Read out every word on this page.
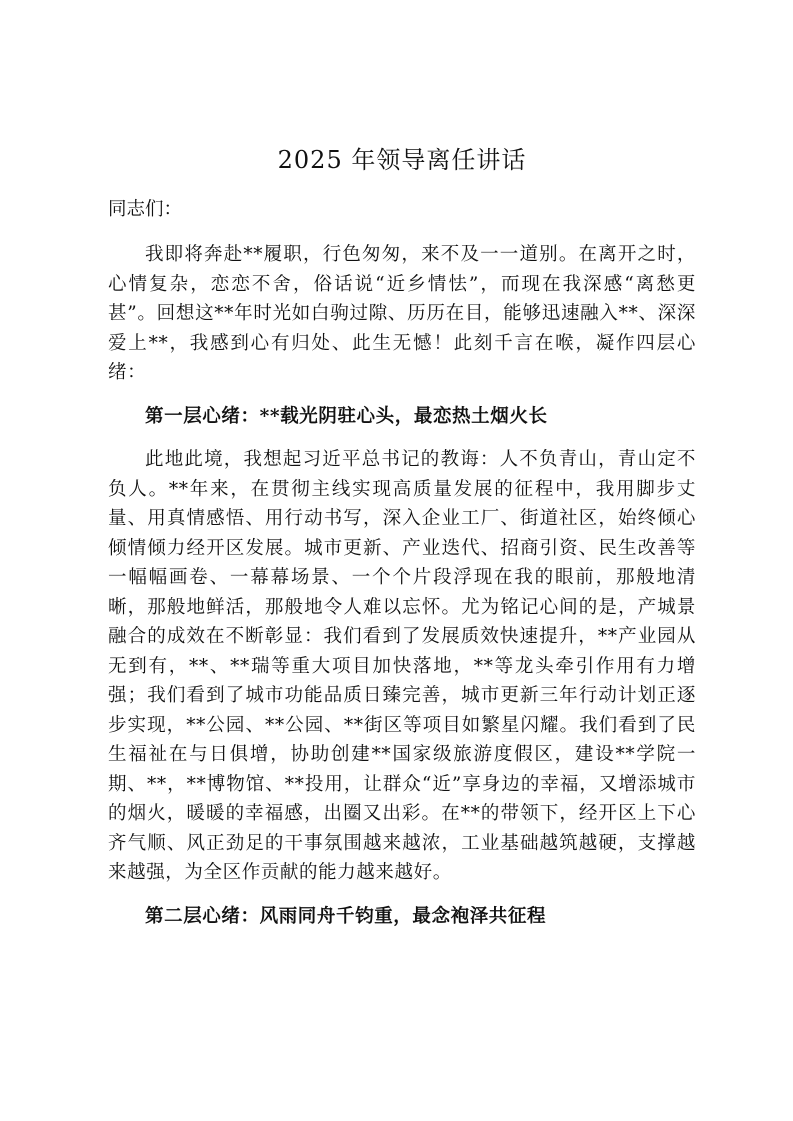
2025 年领导离任讲话

同志们：

我即将奔赴**履职，行色匆匆，来不及一一道别。在离开之时，心情复杂，恋恋不舍，俗话说“近乡情怯”，而现在我深感“离愁更甚”。回想这**年时光如白驹过隙、历历在目，能够迅速融入**、深深爱上**，我感到心有归处、此生无憾！此刻千言在喉，凝作四层心绪：

第一层心绪：**载光阴驻心头，最恋热土烟火长

此地此境，我想起习近平总书记的教诲：人不负青山，青山定不负人。**年来，在贯彻主线实现高质量发展的征程中，我用脚步丈量、用真情感悟、用行动书写，深入企业工厂、街道社区，始终倾心倾情倾力经开区发展。城市更新、产业迭代、招商引资、民生改善等一幅幅画卷、一幕幕场景、一个个片段浮现在我的眼前，那般地清晰，那般地鲜活，那般地令人难以忘怀。尤为铭记心间的是，产城景融合的成效在不断彰显：我们看到了发展质效快速提升，**产业园从无到有，**、**瑞等重大项目加快落地，**等龙头牵引作用有力增强；我们看到了城市功能品质日臻完善，城市更新三年行动计划正逐步实现，**公园、**公园、**街区等项目如繁星闪耀。我们看到了民生福祉在与日俱增，协助创建**国家级旅游度假区，建设**学院一期、**，**博物馆、**投用，让群众“近”享身边的幸福，又增添城市的烟火，暖暖的幸福感，出圈又出彩。在**的带领下，经开区上下心齐气顺、风正劲足的干事氛围越来越浓，工业基础越筑越硬，支撑越来越强，为全区作贡献的能力越来越好。

第二层心绪：风雨同舟千钧重，最念袍泽共征程
